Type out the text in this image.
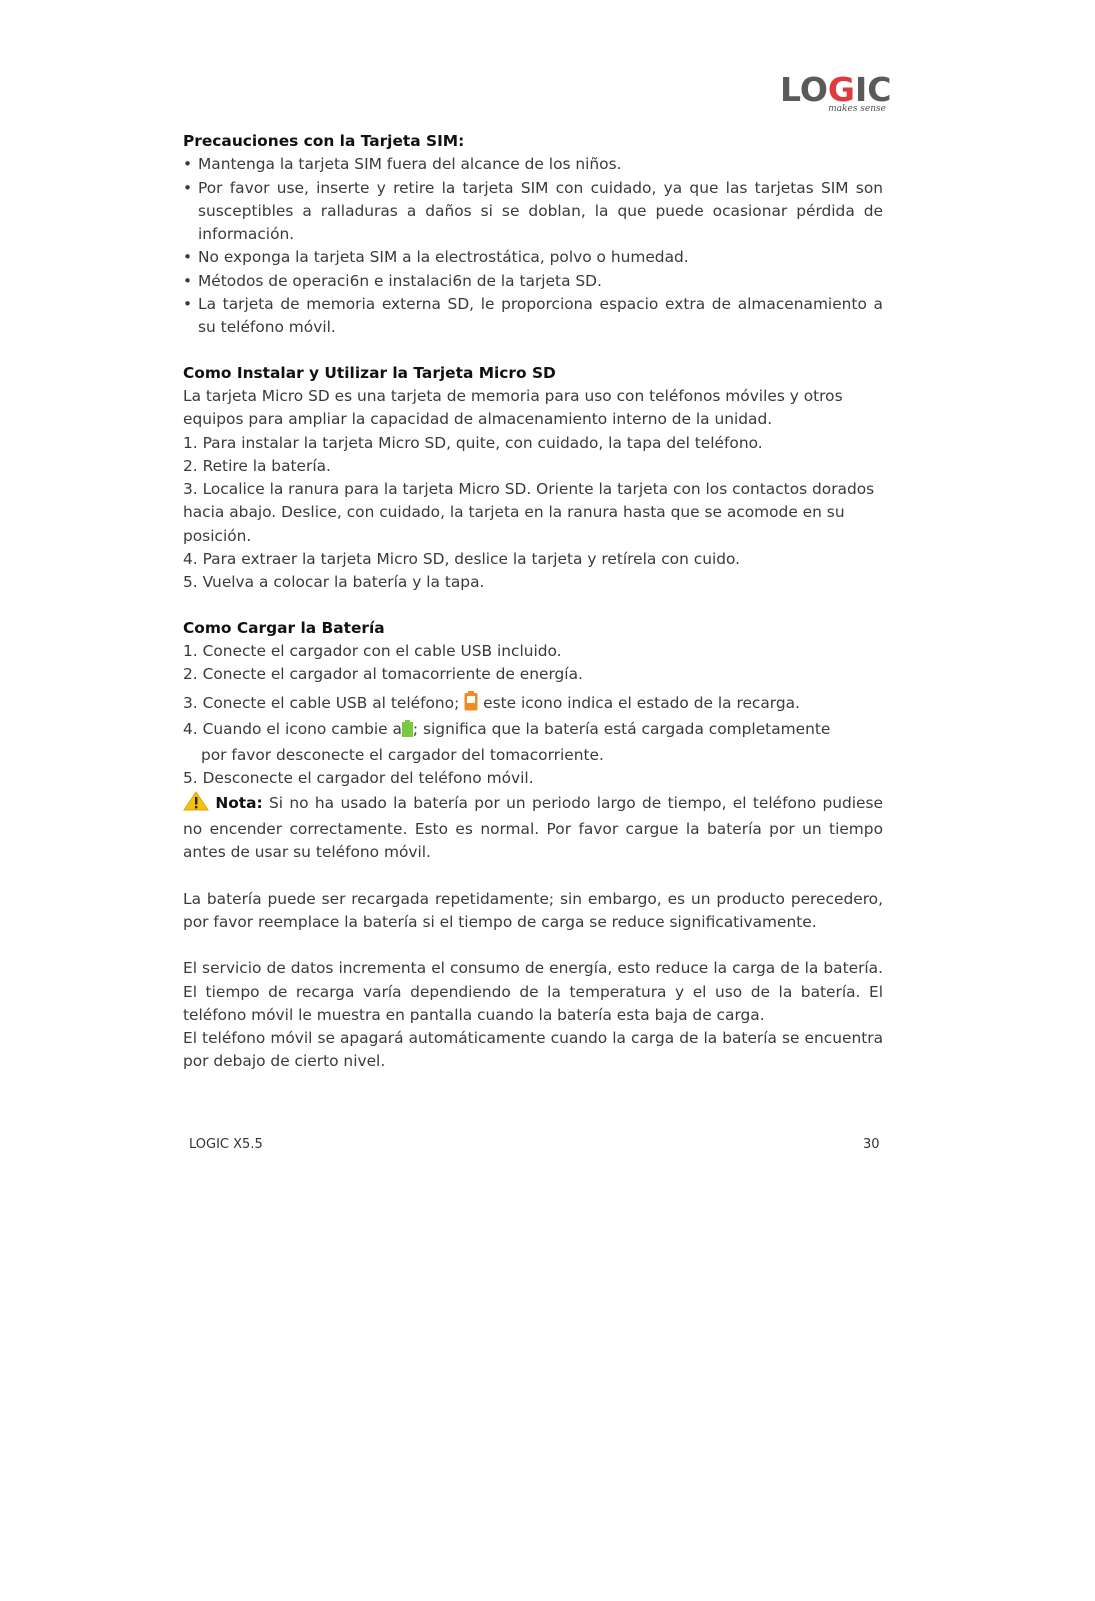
LOGIC
makes sense
Precauciones con la Tarjeta SIM:
• Mantenga la tarjeta SIM fuera del alcance de los niños.
• Por favor use, inserte y retire la tarjeta SIM con cuidado, ya que las tarjetas SIM son susceptibles a ralladuras a daños si se doblan, la que puede ocasionar pérdida de información.
• No exponga la tarjeta SIM a la electrostática, polvo o humedad.
• Métodos de operaci6n e instalaci6n de la tarjeta SD.
• La tarjeta de memoria externa SD, le proporciona espacio extra de almacenamiento a su teléfono móvil.
Como Instalar y Utilizar la Tarjeta Micro SD

La tarjeta Micro SD es una tarjeta de memoria para uso con teléfonos móviles y otros equipos para ampliar la capacidad de almacenamiento interno de la unidad.

1. Para instalar la tarjeta Micro SD, quite, con cuidado, la tapa del teléfono.

2. Retire la batería.

3. Localice la ranura para la tarjeta Micro SD. Oriente la tarjeta con los contactos dorados hacia abajo. Deslice, con cuidado, la tarjeta en la ranura hasta que se acomode en su posición.

4. Para extraer la tarjeta Micro SD, deslice la tarjeta y retírela con cuido.

5. Vuelva a colocar la batería y la tapa.

Como Cargar la Batería

1. Conecte el cargador con el cable USB incluido.

2. Conecte el cargador al tomacorriente de energía.

3. Conecte el cable USB al teléfono; este icono indica el estado de la recarga.

4. Cuando el icono cambie a ; significa que la batería está cargada completamente

por favor desconecte el cargador del tomacorriente.

5. Desconecte el cargador del teléfono móvil.

Nota: Si no ha usado la batería por un periodo largo de tiempo, el teléfono pudiese no encender correctamente. Esto es normal. Por favor cargue la batería por un tiempo antes de usar su teléfono móvil.

La batería puede ser recargada repetidamente; sin embargo, es un producto perecedero, por favor reemplace la batería si el tiempo de carga se reduce significativamente.

El servicio de datos incrementa el consumo de energía, esto reduce la carga de la batería. El tiempo de recarga varía dependiendo de la temperatura y el uso de la batería. El teléfono móvil le muestra en pantalla cuando la batería esta baja de carga.

El teléfono móvil se apagará automáticamente cuando la carga de la batería se encuentra por debajo de cierto nivel.

LOGIC X5.5	30
